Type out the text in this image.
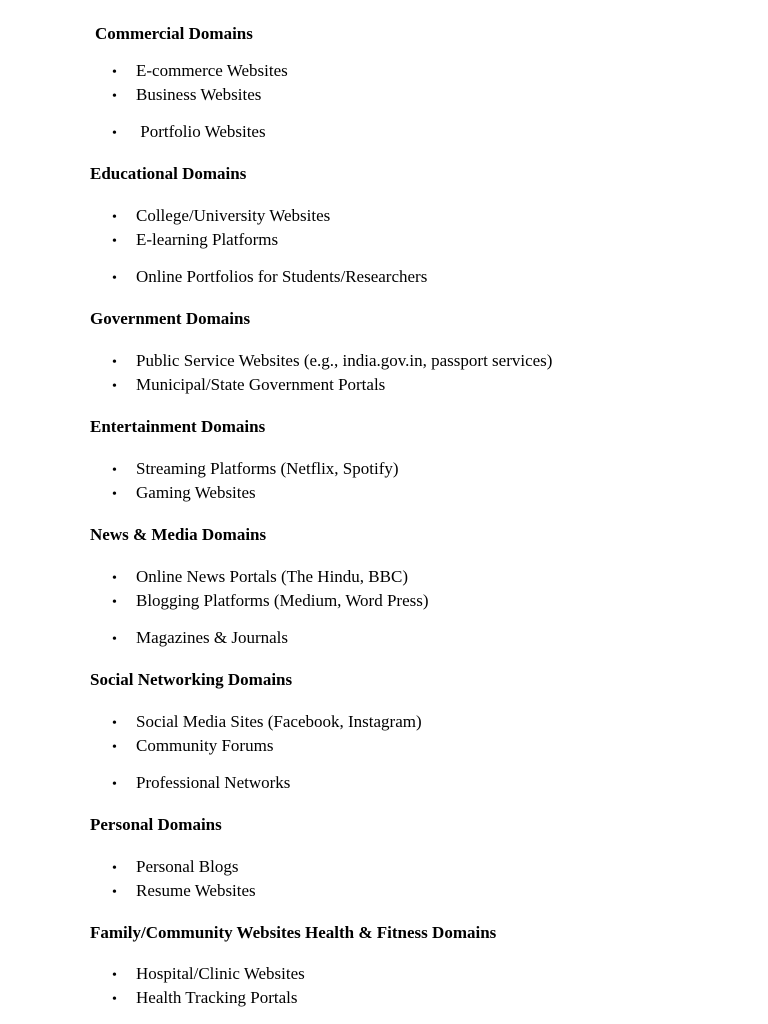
Commercial Domains
• E-commerce Websites
• Business Websites
• Portfolio Websites
Educational Domains
• College/University Websites
• E-learning Platforms
• Online Portfolios for Students/Researchers
Government Domains
• Public Service Websites (e.g., india.gov.in, passport services)
• Municipal/State Government Portals
Entertainment Domains
• Streaming Platforms (Netflix, Spotify)
• Gaming Websites
News & Media Domains
• Online News Portals (The Hindu, BBC)
• Blogging Platforms (Medium, Word Press)
• Magazines & Journals
Social Networking Domains
• Social Media Sites (Facebook, Instagram)
• Community Forums
• Professional Networks
Personal Domains
• Personal Blogs
• Resume Websites
Family/Community Websites Health & Fitness Domains
• Hospital/Clinic Websites
• Health Tracking Portals
